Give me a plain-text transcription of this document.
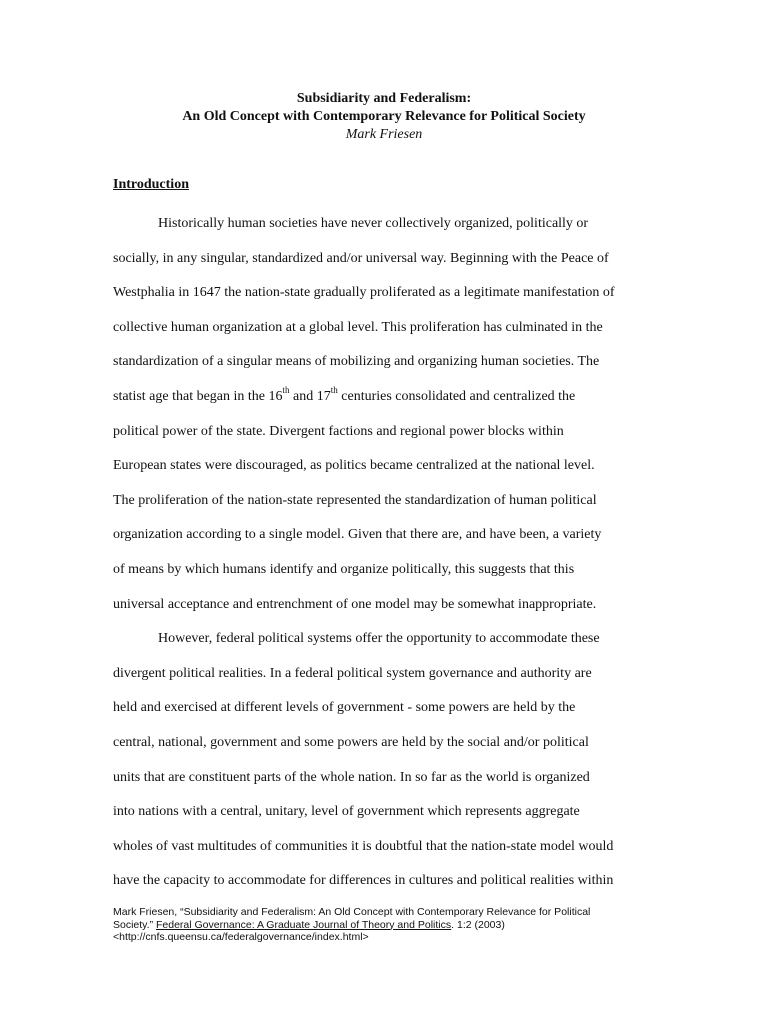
Subsidiarity and Federalism:
An Old Concept with Contemporary Relevance for Political Society
Mark Friesen
Introduction
Historically human societies have never collectively organized, politically or
socially, in any singular, standardized and/or universal way. Beginning with the Peace of
Westphalia in 1647 the nation-state gradually proliferated as a legitimate manifestation of
collective human organization at a global level. This proliferation has culminated in the
standardization of a singular means of mobilizing and organizing human societies. The
statist age that began in the 16th and 17th centuries consolidated and centralized the
political power of the state. Divergent factions and regional power blocks within
European states were discouraged, as politics became centralized at the national level.
The proliferation of the nation-state represented the standardization of human political
organization according to a single model. Given that there are, and have been, a variety
of means by which humans identify and organize politically, this suggests that this
universal acceptance and entrenchment of one model may be somewhat inappropriate.
However, federal political systems offer the opportunity to accommodate these
divergent political realities. In a federal political system governance and authority are
held and exercised at different levels of government - some powers are held by the
central, national, government and some powers are held by the social and/or political
units that are constituent parts of the whole nation. In so far as the world is organized
into nations with a central, unitary, level of government which represents aggregate
wholes of vast multitudes of communities it is doubtful that the nation-state model would
have the capacity to accommodate for differences in cultures and political realities within
Mark Friesen, “Subsidiarity and Federalism: An Old Concept with Contemporary Relevance for Political
Society.” Federal Governance: A Graduate Journal of Theory and Politics. 1:2 (2003)
<http://cnfs.queensu.ca/federalgovernance/index.html>
